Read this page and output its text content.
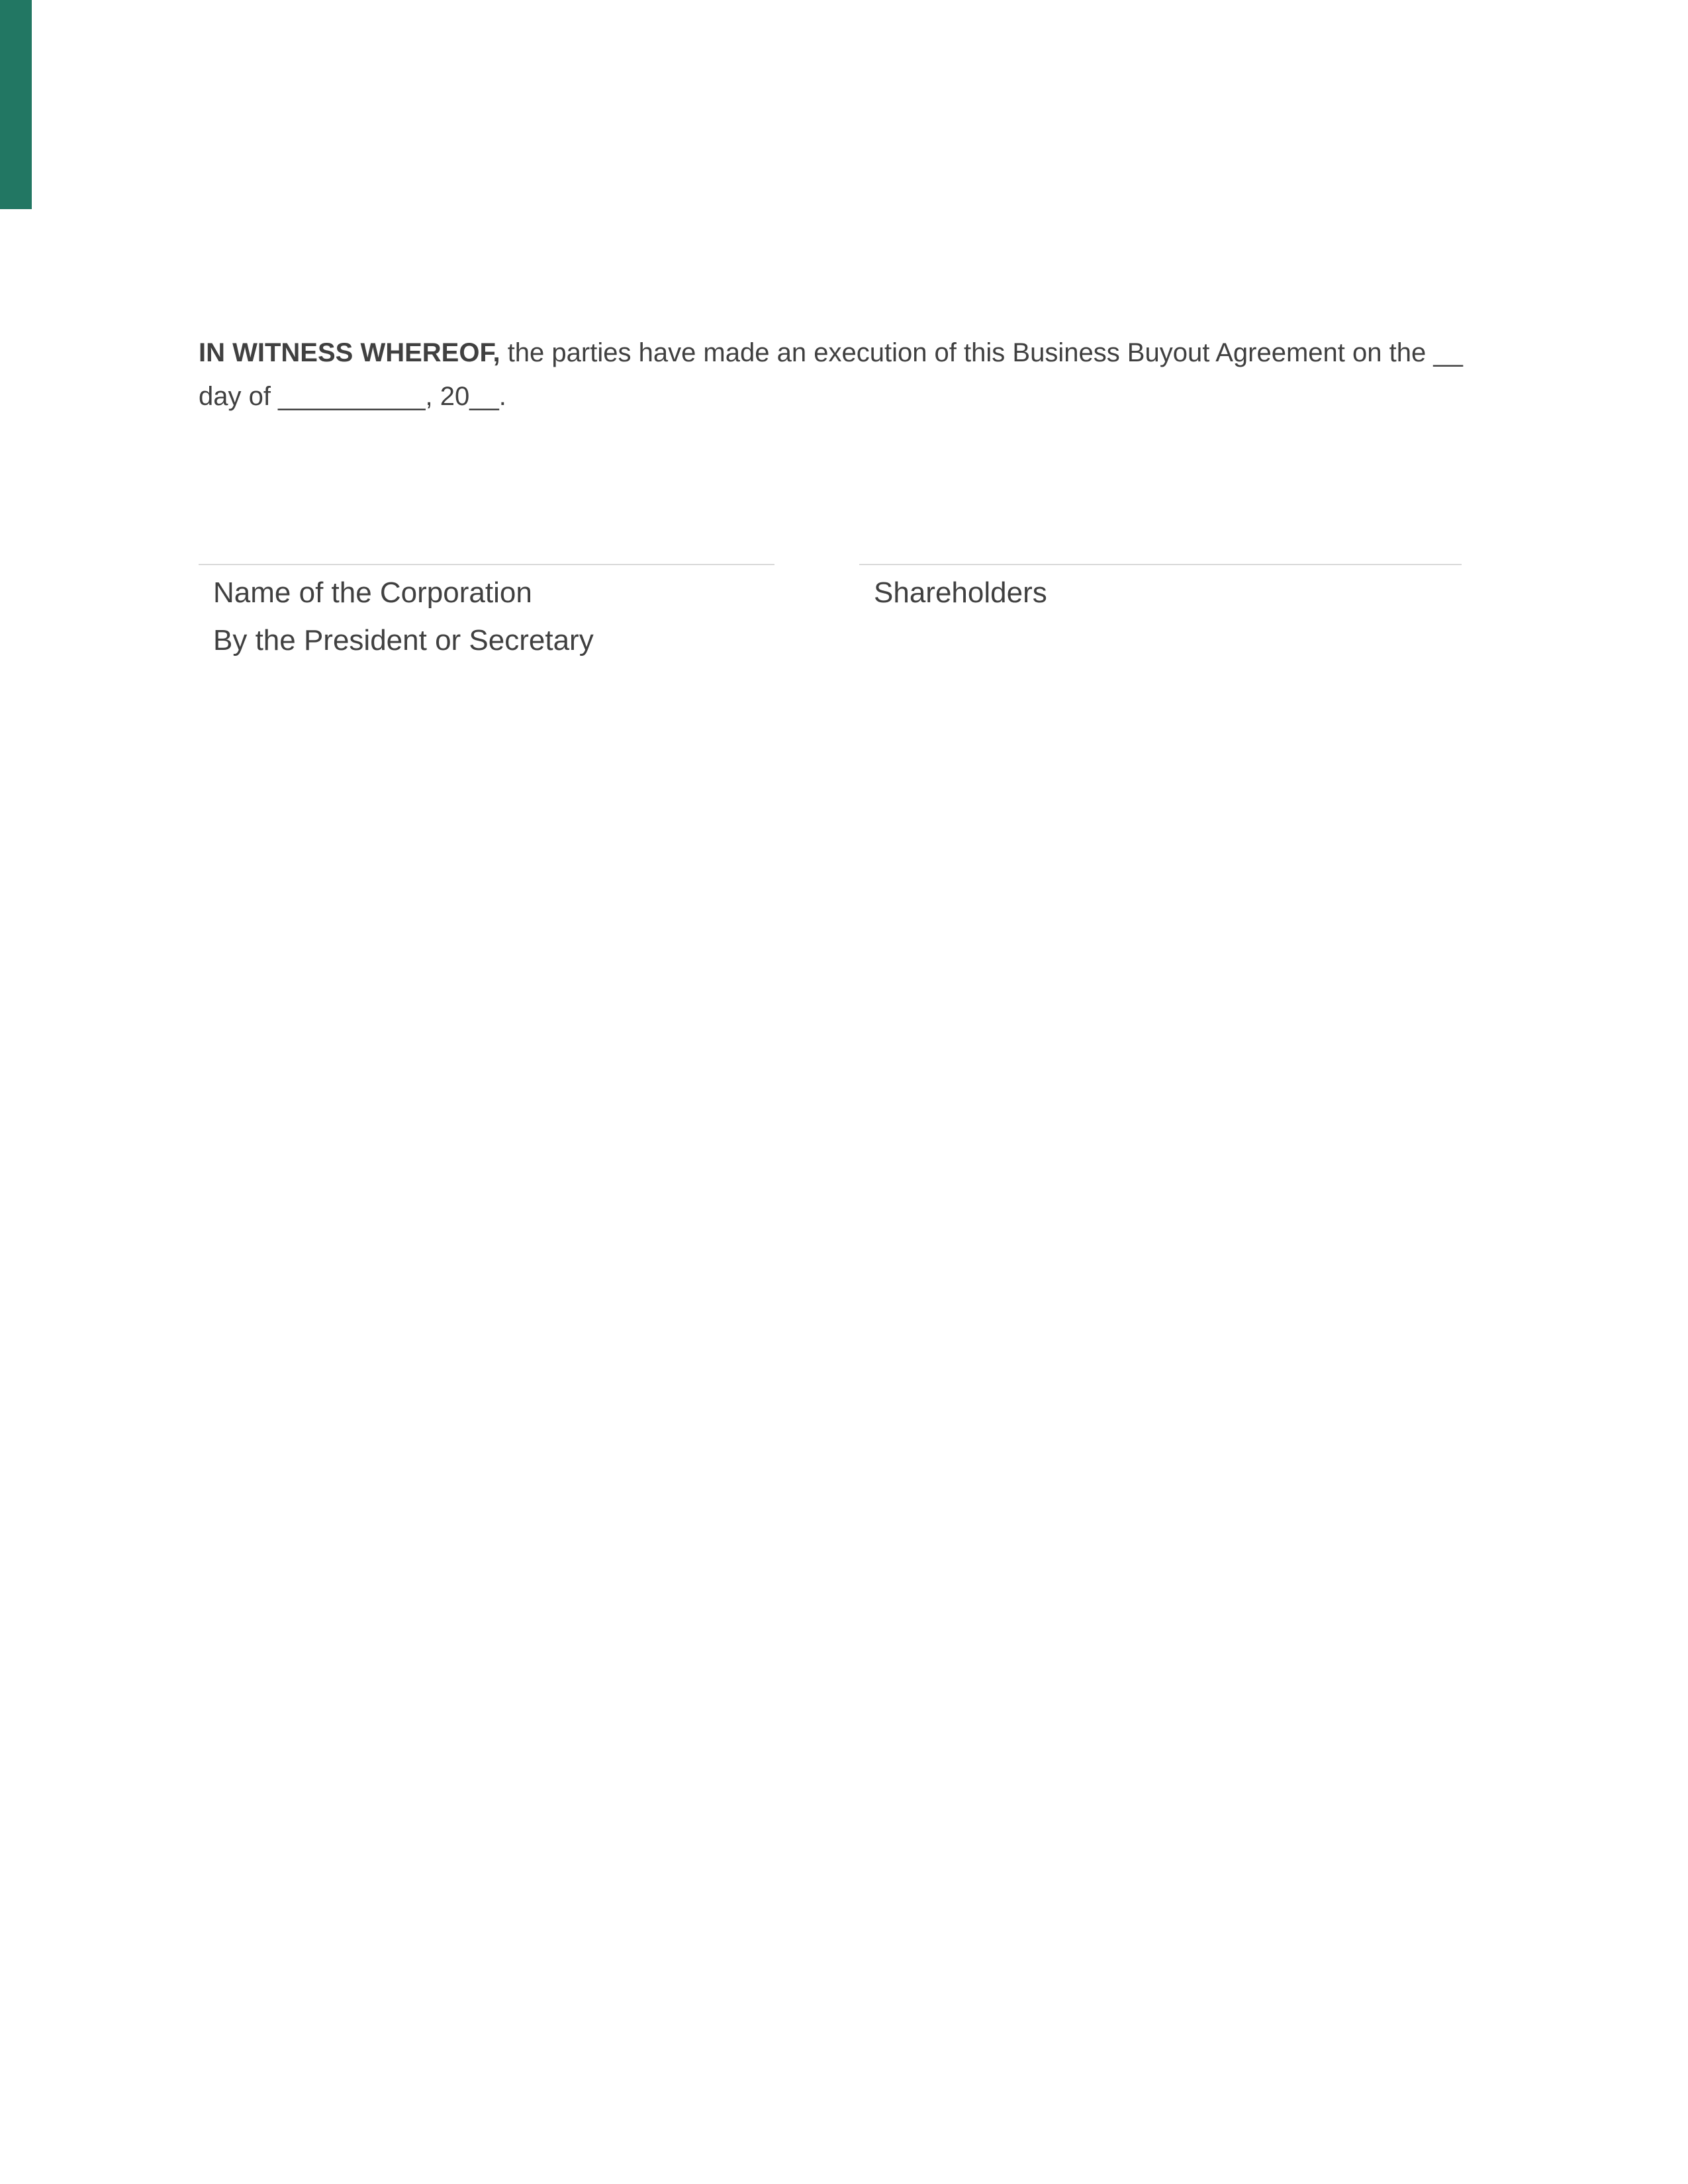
IN WITNESS WHEREOF, the parties have made an execution of this Business Buyout Agreement on the __
day of __________, 20__.

Name of the Corporation
By the President or Secretary
Shareholders
